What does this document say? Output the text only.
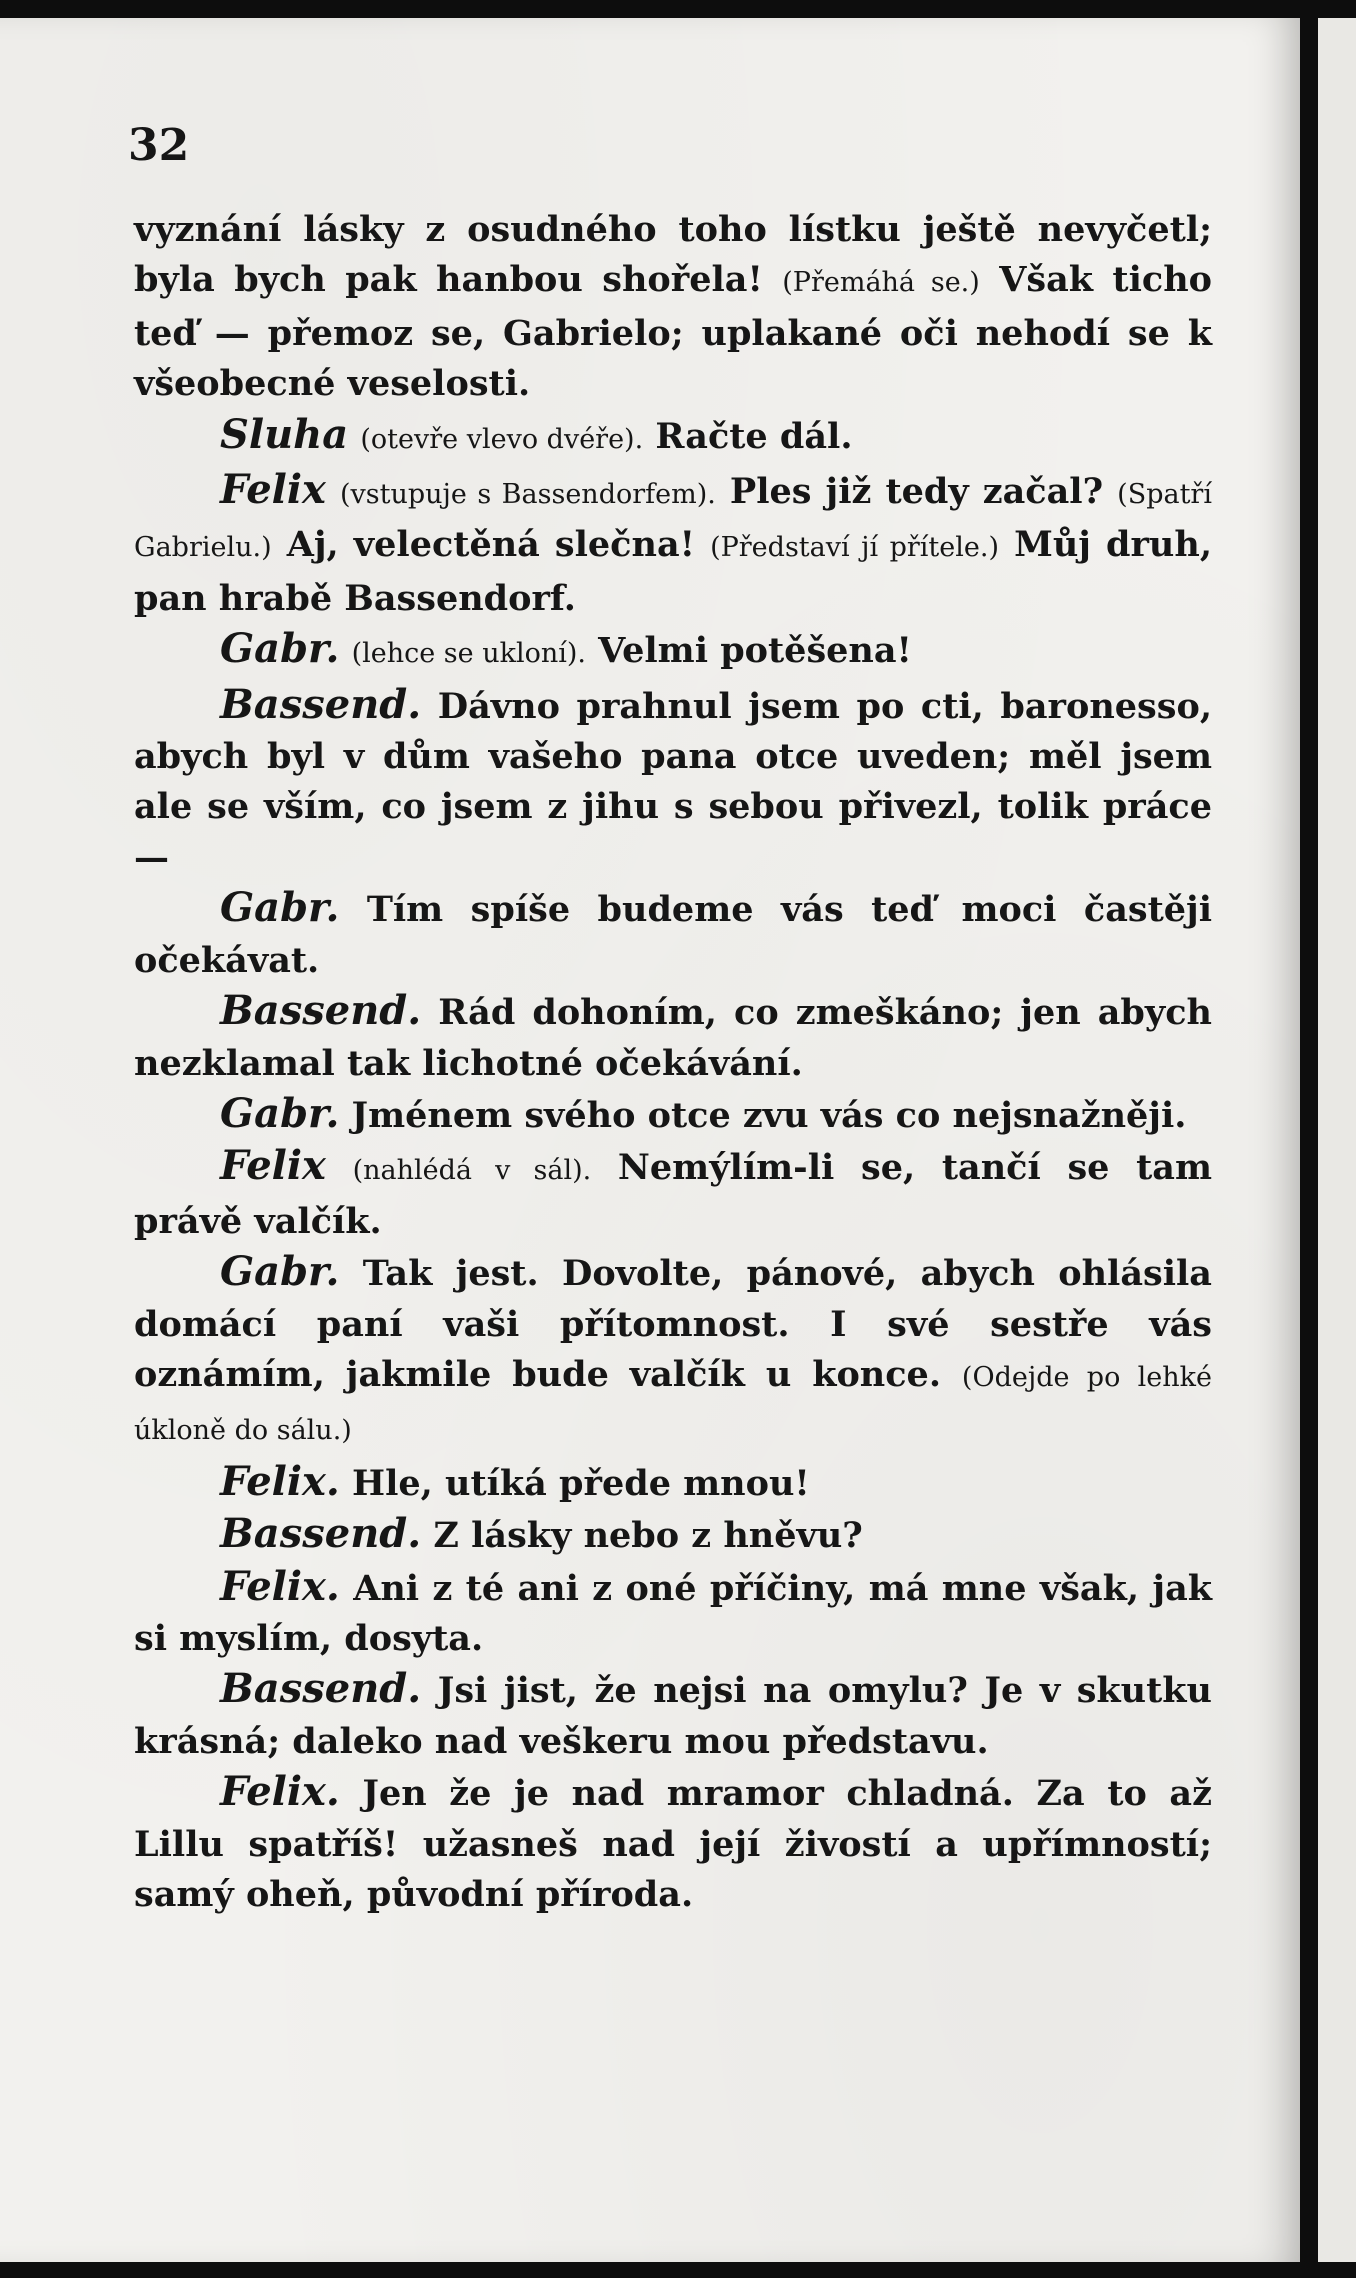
32

vyznání lásky z osudného toho lístku ještě nevyčetl; byla bych pak hanbou shořela! (Přemáhá se.) Však ticho teď — přemoz se, Gabrielo; uplakané oči nehodí se k všeobecné veselosti.

Sluha (otevře vlevo dvéře). Račte dál.

Felix (vstupuje s Bassendorfem). Ples již tedy začal? (Spatří Gabrielu.) Aj, velectěná slečna! (Představí jí přítele.) Můj druh, pan hrabě Bassendorf.

Gabr. (lehce se ukloní). Velmi potěšena!

Bassend. Dávno prahnul jsem po cti, baronesso, abych byl v dům vašeho pana otce uveden; měl jsem ale se vším, co jsem z jihu s sebou přivezl, tolik práce —

Gabr. Tím spíše budeme vás teď moci častěji očekávat.

Bassend. Rád dohoním, co zmeškáno; jen abych nezklamal tak lichotné očekávání.

Gabr. Jménem svého otce zvu vás co nejsnažněji.

Felix (nahlédá v sál). Nemýlím-li se, tančí se tam právě valčík.

Gabr. Tak jest. Dovolte, pánové, abych ohlásila domácí paní vaši přítomnost. I své sestře vás oznámím, jakmile bude valčík u konce. (Odejde po lehké úkloně do sálu.)

Felix. Hle, utíká přede mnou!

Bassend. Z lásky nebo z hněvu?

Felix. Ani z té ani z oné příčiny, má mne však, jak si myslím, dosyta.

Bassend. Jsi jist, že nejsi na omylu? Je v skutku krásná; daleko nad veškeru mou představu.

Felix. Jen že je nad mramor chladná. Za to až Lillu spatříš! užasneš nad její živostí a upřímností; samý oheň, původní příroda.
